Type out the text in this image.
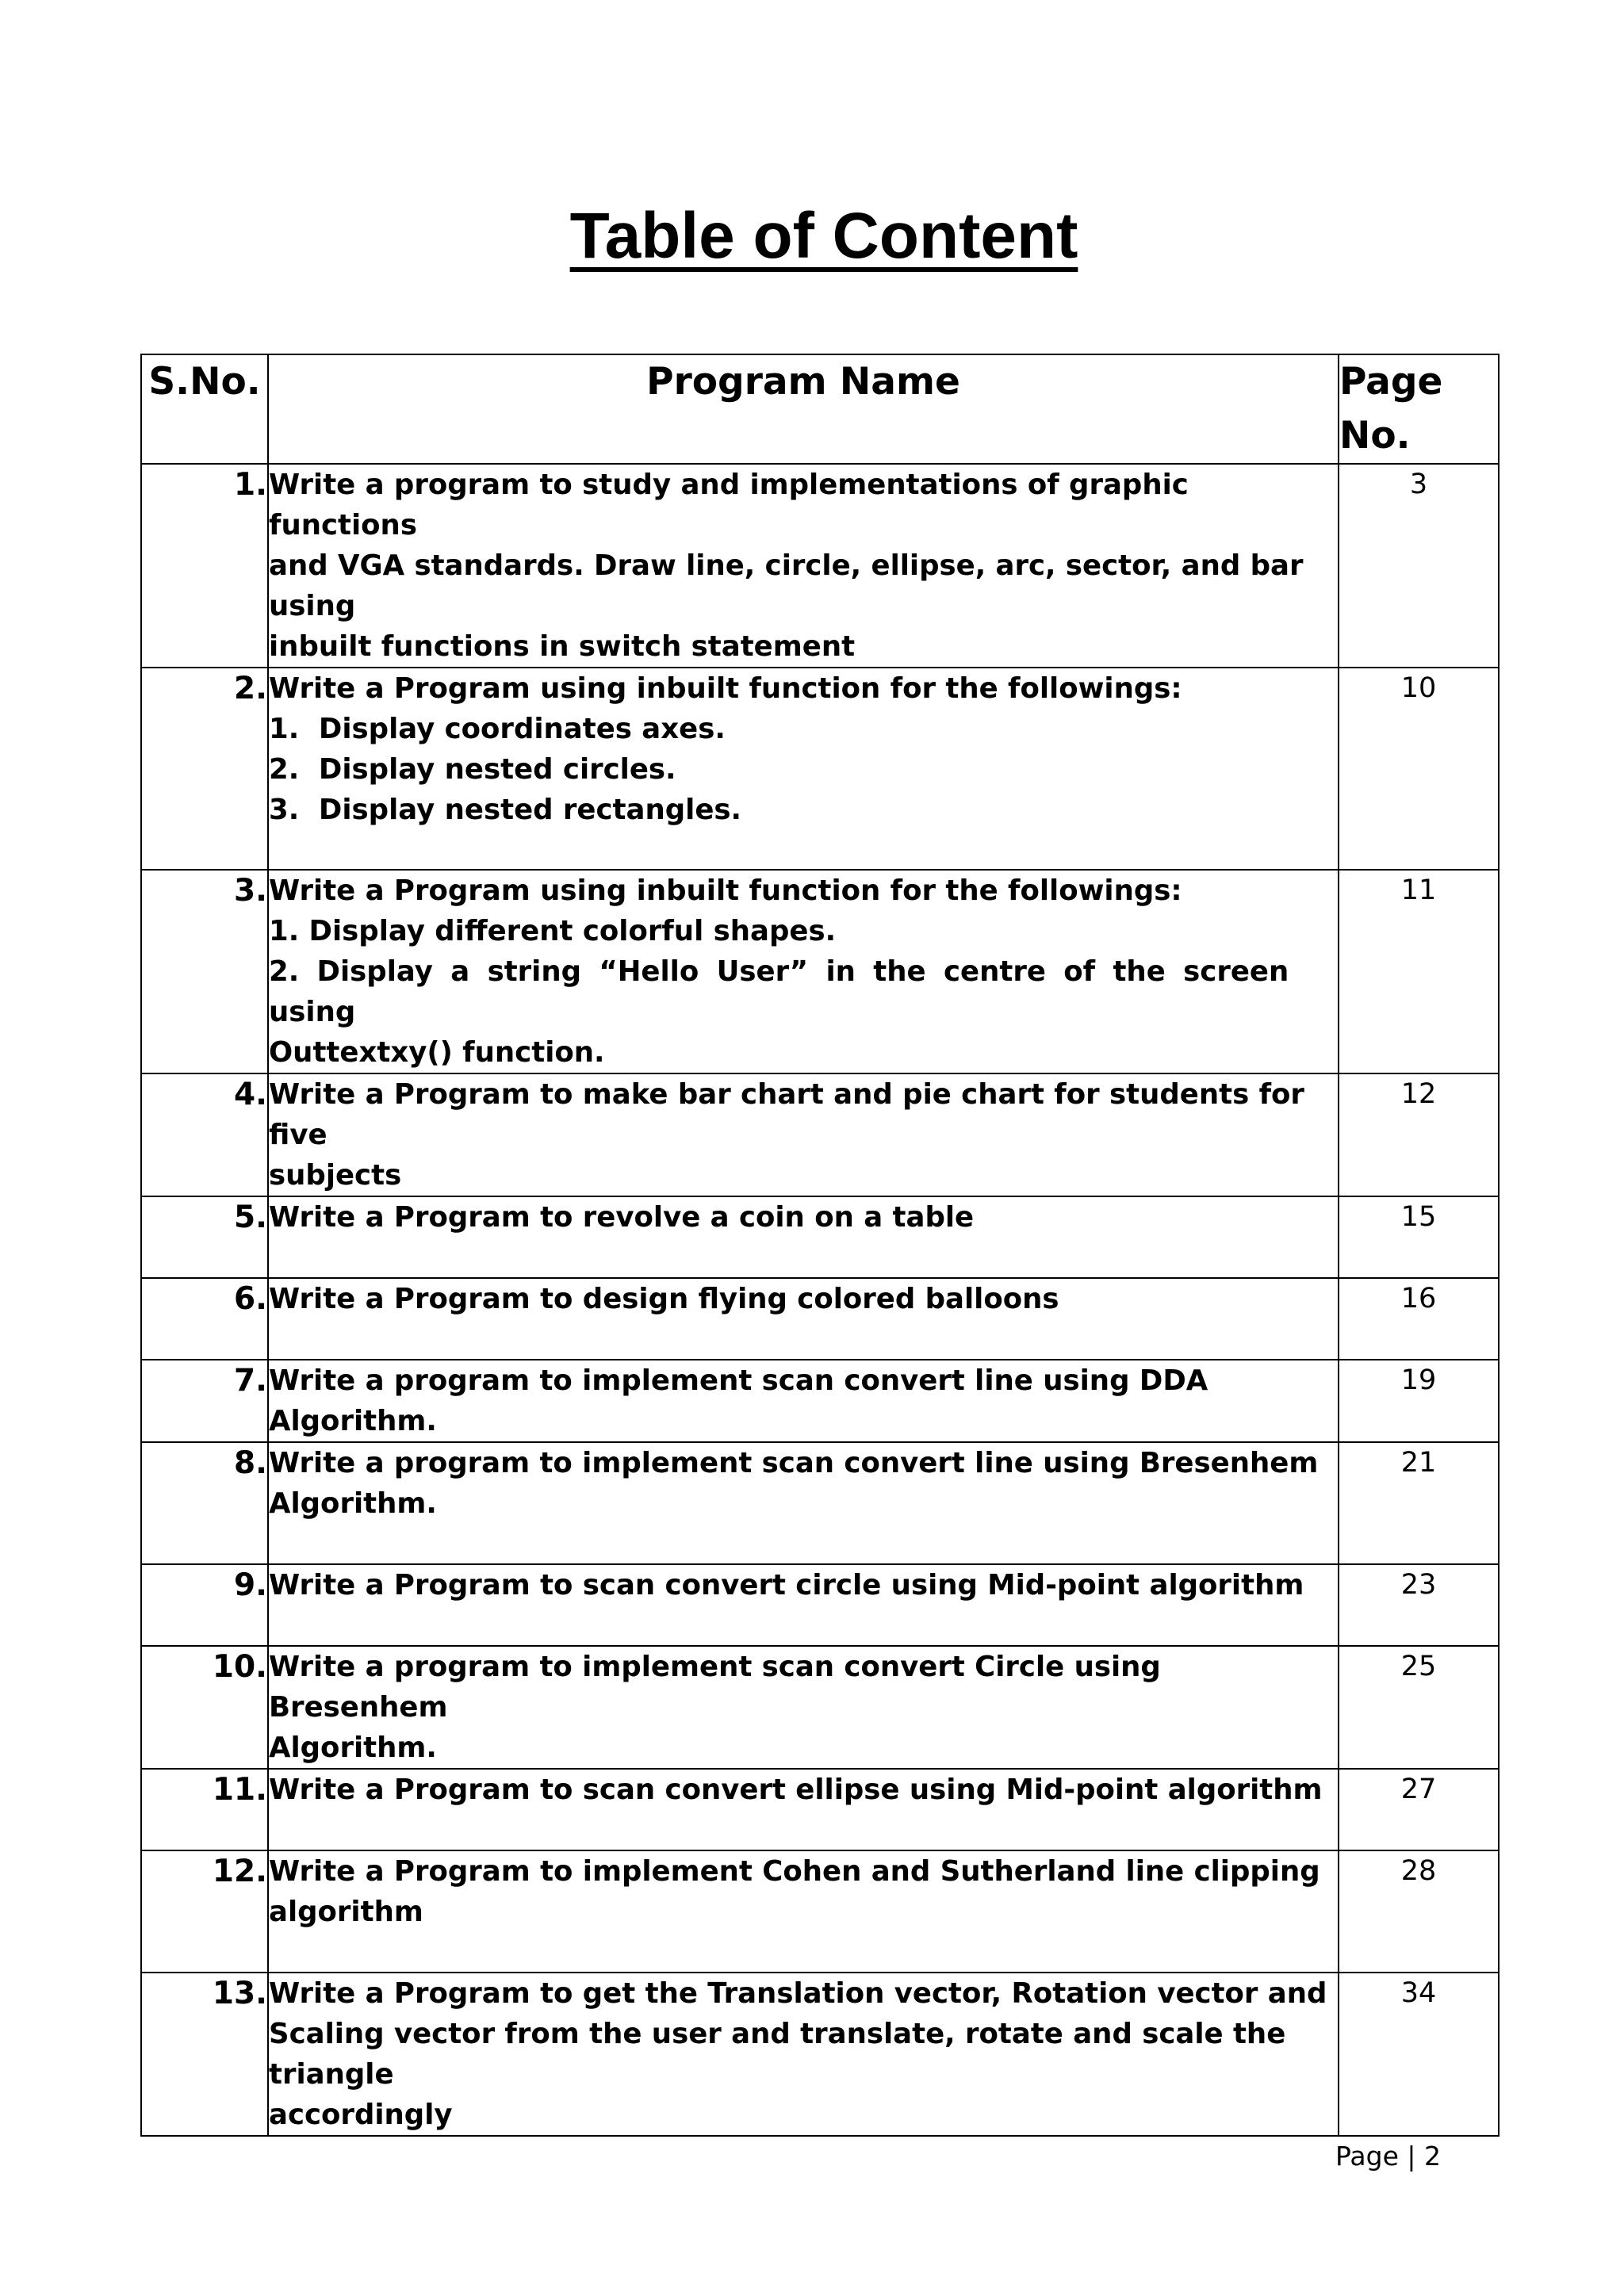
Table of Content
S.No.	Program Name	Page
No.
1.	Write a program to study and implementations of graphic functions
and VGA standards. Draw line, circle, ellipse, arc, sector, and bar using
inbuilt functions in switch statement	3
2.	Write a Program using inbuilt function for the followings:
1.  Display coordinates axes.
2.  Display nested circles.
3.  Display nested rectangles.	10
3.	Write a Program using inbuilt function for the followings:
1. Display different colorful shapes.
2. Display a string “Hello User” in the centre of the screen using
Outtextxy() function.	11
4.	Write a Program to make bar chart and pie chart for students for five
subjects	12
5.	Write a Program to revolve a coin on a table	15
6.	Write a Program to design flying colored balloons	16
7.	Write a program to implement scan convert line using DDA Algorithm.	19
8.	Write a program to implement scan convert line using Bresenhem
Algorithm.	21
9.	Write a Program to scan convert circle using Mid-point algorithm	23
10.	Write a program to implement scan convert Circle using Bresenhem
Algorithm.	25
11.	Write a Program to scan convert ellipse using Mid-point algorithm	27
12.	Write a Program to implement Cohen and Sutherland line clipping
algorithm	28
13.	Write a Program to get the Translation vector, Rotation vector and
Scaling vector from the user and translate, rotate and scale the triangle
accordingly	34
Page | 2
